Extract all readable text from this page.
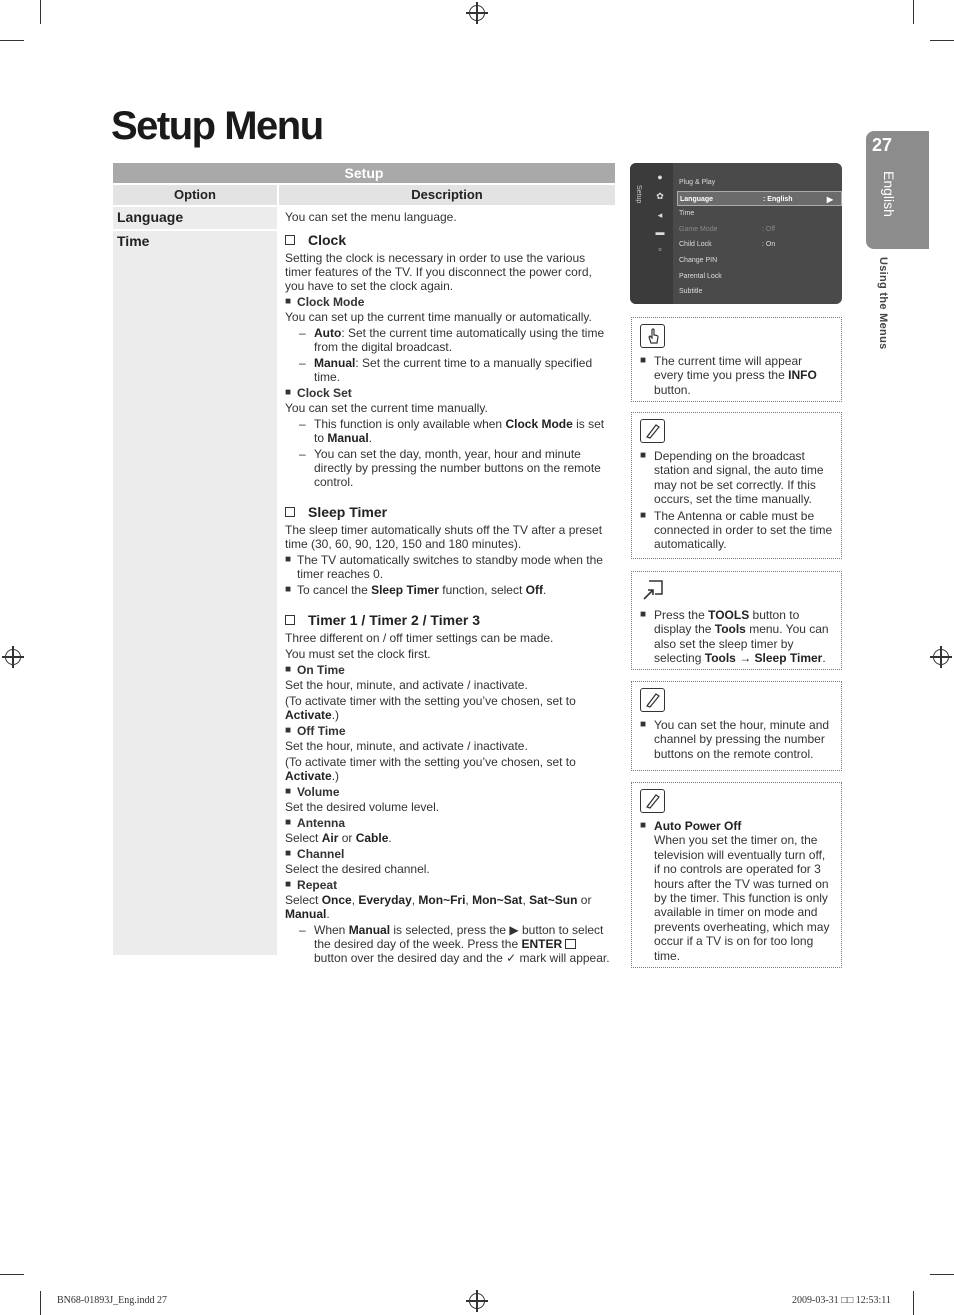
Setup Menu
Setup
Option	Description
Language	You can set the menu language.
Time	Clock
Setting the clock is necessary in order to use the various timer features of the TV. If you disconnect the power cord, you have to set the clock again.
■ Clock Mode
You can set up the current time manually or automatically.
– Auto: Set the current time automatically using the time from the digital broadcast.
– Manual: Set the current time to a manually specified time.
■ Clock Set
You can set the current time manually.
– This function is only available when Clock Mode is set to Manual.
– You can set the day, month, year, hour and minute directly by pressing the number buttons on the remote control.
Sleep Timer
The sleep timer automatically shuts off the TV after a preset time (30, 60, 90, 120, 150 and 180 minutes).
■ The TV automatically switches to standby mode when the timer reaches 0.
■ To cancel the Sleep Timer function, select Off.
Timer 1 / Timer 2 / Timer 3
Three different on / off timer settings can be made.
You must set the clock first.
■ On Time
Set the hour, minute, and activate / inactivate.
(To activate timer with the setting you’ve chosen, set to Activate.)
■ Off Time
Set the hour, minute, and activate / inactivate.
(To activate timer with the setting you’ve chosen, set to Activate.)
■ Volume
Set the desired volume level.
■ Antenna
Select Air or Cable.
■ Channel
Select the desired channel.
■ Repeat
Select Once, Everyday, Mon~Fri, Mon~Sat, Sat~Sun or Manual.
– When Manual is selected, press the ▶ button to select the desired day of the week. Press the ENTER button over the desired day and the ✓ mark will appear.
Setup
●
✿
◂
▬
▫
Plug & Play
Language	: English	▶
Time
Game Mode	: Off
Child Lock	: On
Change PIN
Parental Lock
Subtitle
■ The current time will appear every time you press the INFO button.
■ Depending on the broadcast station and signal, the auto time may not be set correctly. If this occurs, set the time manually.
■ The Antenna or cable must be connected in order to set the time automatically.
■ Press the TOOLS button to display the Tools menu. You can also set the sleep timer by selecting Tools → Sleep Timer.
■ You can set the hour, minute and channel by pressing the number buttons on the remote control.
■ Auto Power Off
When you set the timer on, the television will eventually turn off, if no controls are operated for 3 hours after the TV was turned on by the timer. This function is only available in timer on mode and prevents overheating, which may occur if a TV is on for too long time.
27
English
Using the Menus
BN68-01893J_Eng.indd 27	2009-03-31 □□ 12:53:11
